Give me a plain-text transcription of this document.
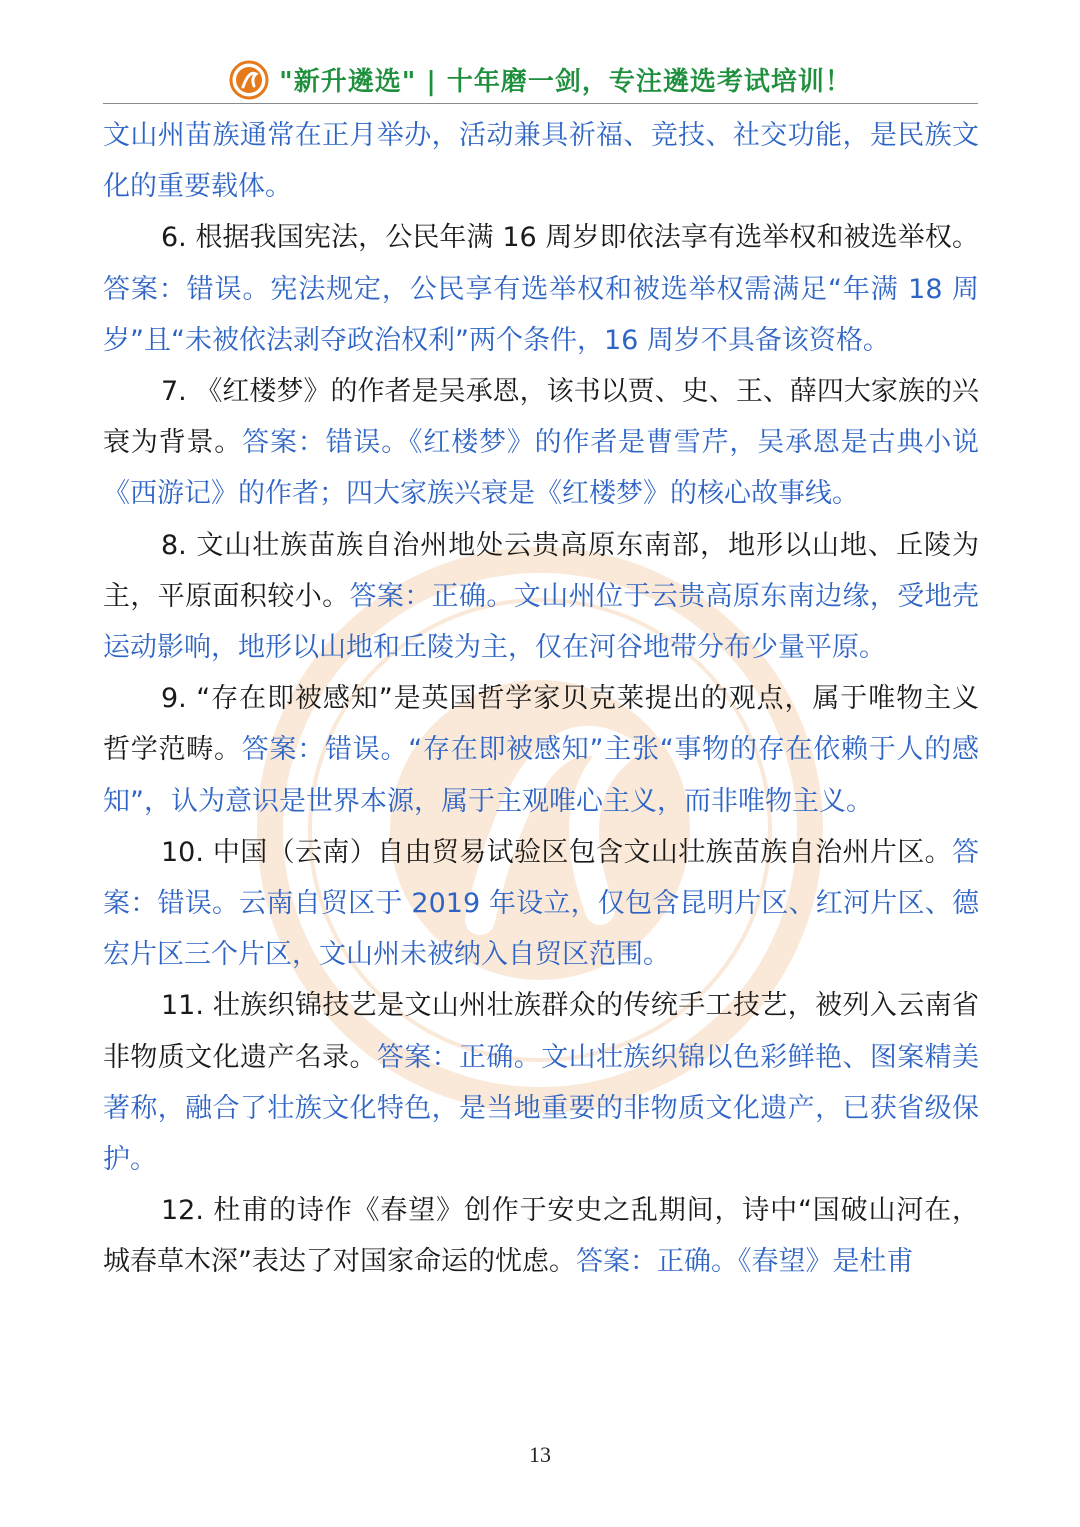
"新升遴选" | 十年磨一剑，专注遴选考试培训！

文山州苗族通常在正月举办，活动兼具祈福、竞技、社交功能，是民族文化的重要载体。

6. 根据我国宪法，公民年满 16 周岁即依法享有选举权和被选举权。答案：错误。宪法规定，公民享有选举权和被选举权需满足“年满 18 周岁”且“未被依法剥夺政治权利”两个条件，16 周岁不具备该资格。

7. 《红楼梦》的作者是吴承恩，该书以贾、史、王、薛四大家族的兴衰为背景。答案：错误。《红楼梦》的作者是曹雪芹，吴承恩是古典小说《西游记》的作者；四大家族兴衰是《红楼梦》的核心故事线。

8. 文山壮族苗族自治州地处云贵高原东南部，地形以山地、丘陵为主，平原面积较小。答案：正确。文山州位于云贵高原东南边缘，受地壳运动影响，地形以山地和丘陵为主，仅在河谷地带分布少量平原。

9. “存在即被感知”是英国哲学家贝克莱提出的观点，属于唯物主义哲学范畴。答案：错误。“存在即被感知”主张“事物的存在依赖于人的感知”，认为意识是世界本源，属于主观唯心主义，而非唯物主义。

10. 中国（云南）自由贸易试验区包含文山壮族苗族自治州片区。答案：错误。云南自贸区于 2019 年设立，仅包含昆明片区、红河片区、德宏片区三个片区，文山州未被纳入自贸区范围。

11. 壮族织锦技艺是文山州壮族群众的传统手工技艺，被列入云南省非物质文化遗产名录。答案：正确。文山壮族织锦以色彩鲜艳、图案精美著称，融合了壮族文化特色，是当地重要的非物质文化遗产，已获省级保护。

12. 杜甫的诗作《春望》创作于安史之乱期间，诗中“国破山河在，城春草木深”表达了对国家命运的忧虑。答案：正确。《春望》是杜甫

13
